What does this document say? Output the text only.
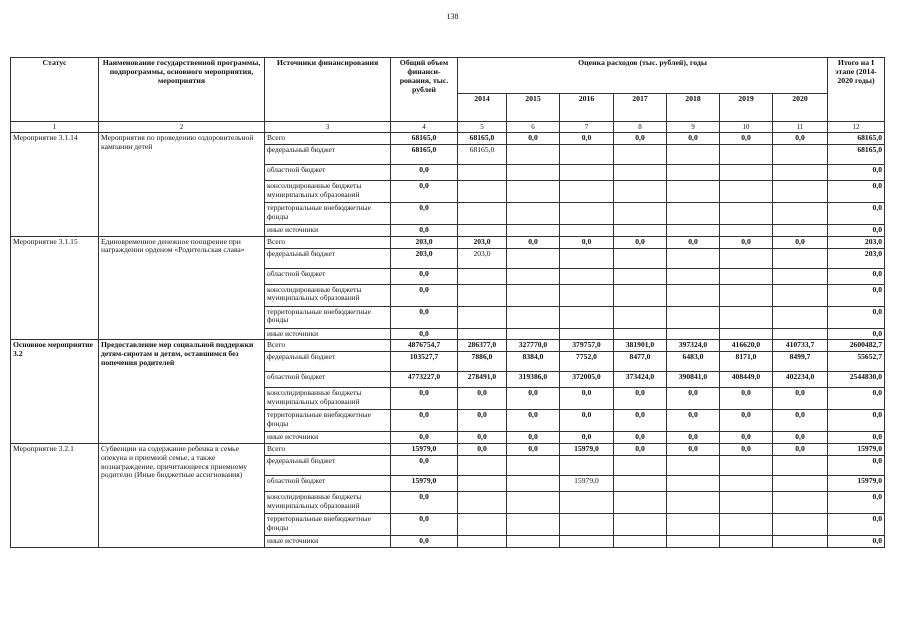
138
Статус	Наименование государственной программы, подпрограммы, основного мероприятия, мероприятия	Источники финансирования	Общий объем финанси-рования, тыс. рублей	Оценка расходов (тыс. рублей), годы							Итого на I этапе (2014-2020 годы)
				2014	2015	2016	2017	2018	2019	2020	
1	2	3	4	5	6	7	8	9	10	11	12
Мероприятие 3.1.14	Мероприятия по проведению оздоровительной кампании детей	Всего	68165,0	68165,0	0,0	0,0	0,0	0,0	0,0	0,0	68165,0
		федеральный бюджет	68165,0	68165,0							68165,0
		областной бюджет	0,0								0,0
		консолидированные бюджеты муниципальных образований	0,0								0,0
		территориальные внебюджетные фонды	0,0								0,0
		иные источники	0,0								0,0
Мероприятие 3.1.15	Единовременное денежное поощрение при награждении орденом «Родительская слава»	Всего	203,0	203,0	0,0	0,0	0,0	0,0	0,0	0,0	203,0
		федеральный бюджет	203,0	203,0							203,0
		областной бюджет	0,0								0,0
		консолидированные бюджеты муниципальных образований	0,0								0,0
		территориальные внебюджетные фонды	0,0								0,0
		иные источники	0,0								0,0
Основное мероприятие 3.2	Предоставление мер социальной поддержки детям-сиротам и детям, оставшимся без попечения родителей	Всего	4876754,7	286377,0	327770,0	379757,0	381901,0	397324,0	416620,0	410733,7	2600482,7
		федеральный бюджет	103527,7	7886,0	8384,0	7752,0	8477,0	6483,0	8171,0	8499,7	55652,7
		областной бюджет	4773227,0	278491,0	319386,0	372005,0	373424,0	390841,0	408449,0	402234,0	2544830,0
		консолидированные бюджеты муниципальных образований	0,0	0,0	0,0	0,0	0,0	0,0	0,0	0,0	0,0
		территориальные внебюджетные фонды	0,0	0,0	0,0	0,0	0,0	0,0	0,0	0,0	0,0
		иные источники	0,0	0,0	0,0	0,0	0,0	0,0	0,0	0,0	0,0
Мероприятие 3.2.1	Субвенции на содержание ребенка в семье опекуна и приемной семье, а также вознаграждение, причитающееся приемному родителю (Иные бюджетные ассигнования)	Всего	15979,0	0,0	0,0	15979,0	0,0	0,0	0,0	0,0	15979,0
		федеральный бюджет	0,0								0,0
		областной бюджет	15979,0			15979,0					15979,0
		консолидированные бюджеты муниципальных образований	0,0								0,0
		территориальные внебюджетные фонды	0,0								0,0
		иные источники	0,0								0,0
